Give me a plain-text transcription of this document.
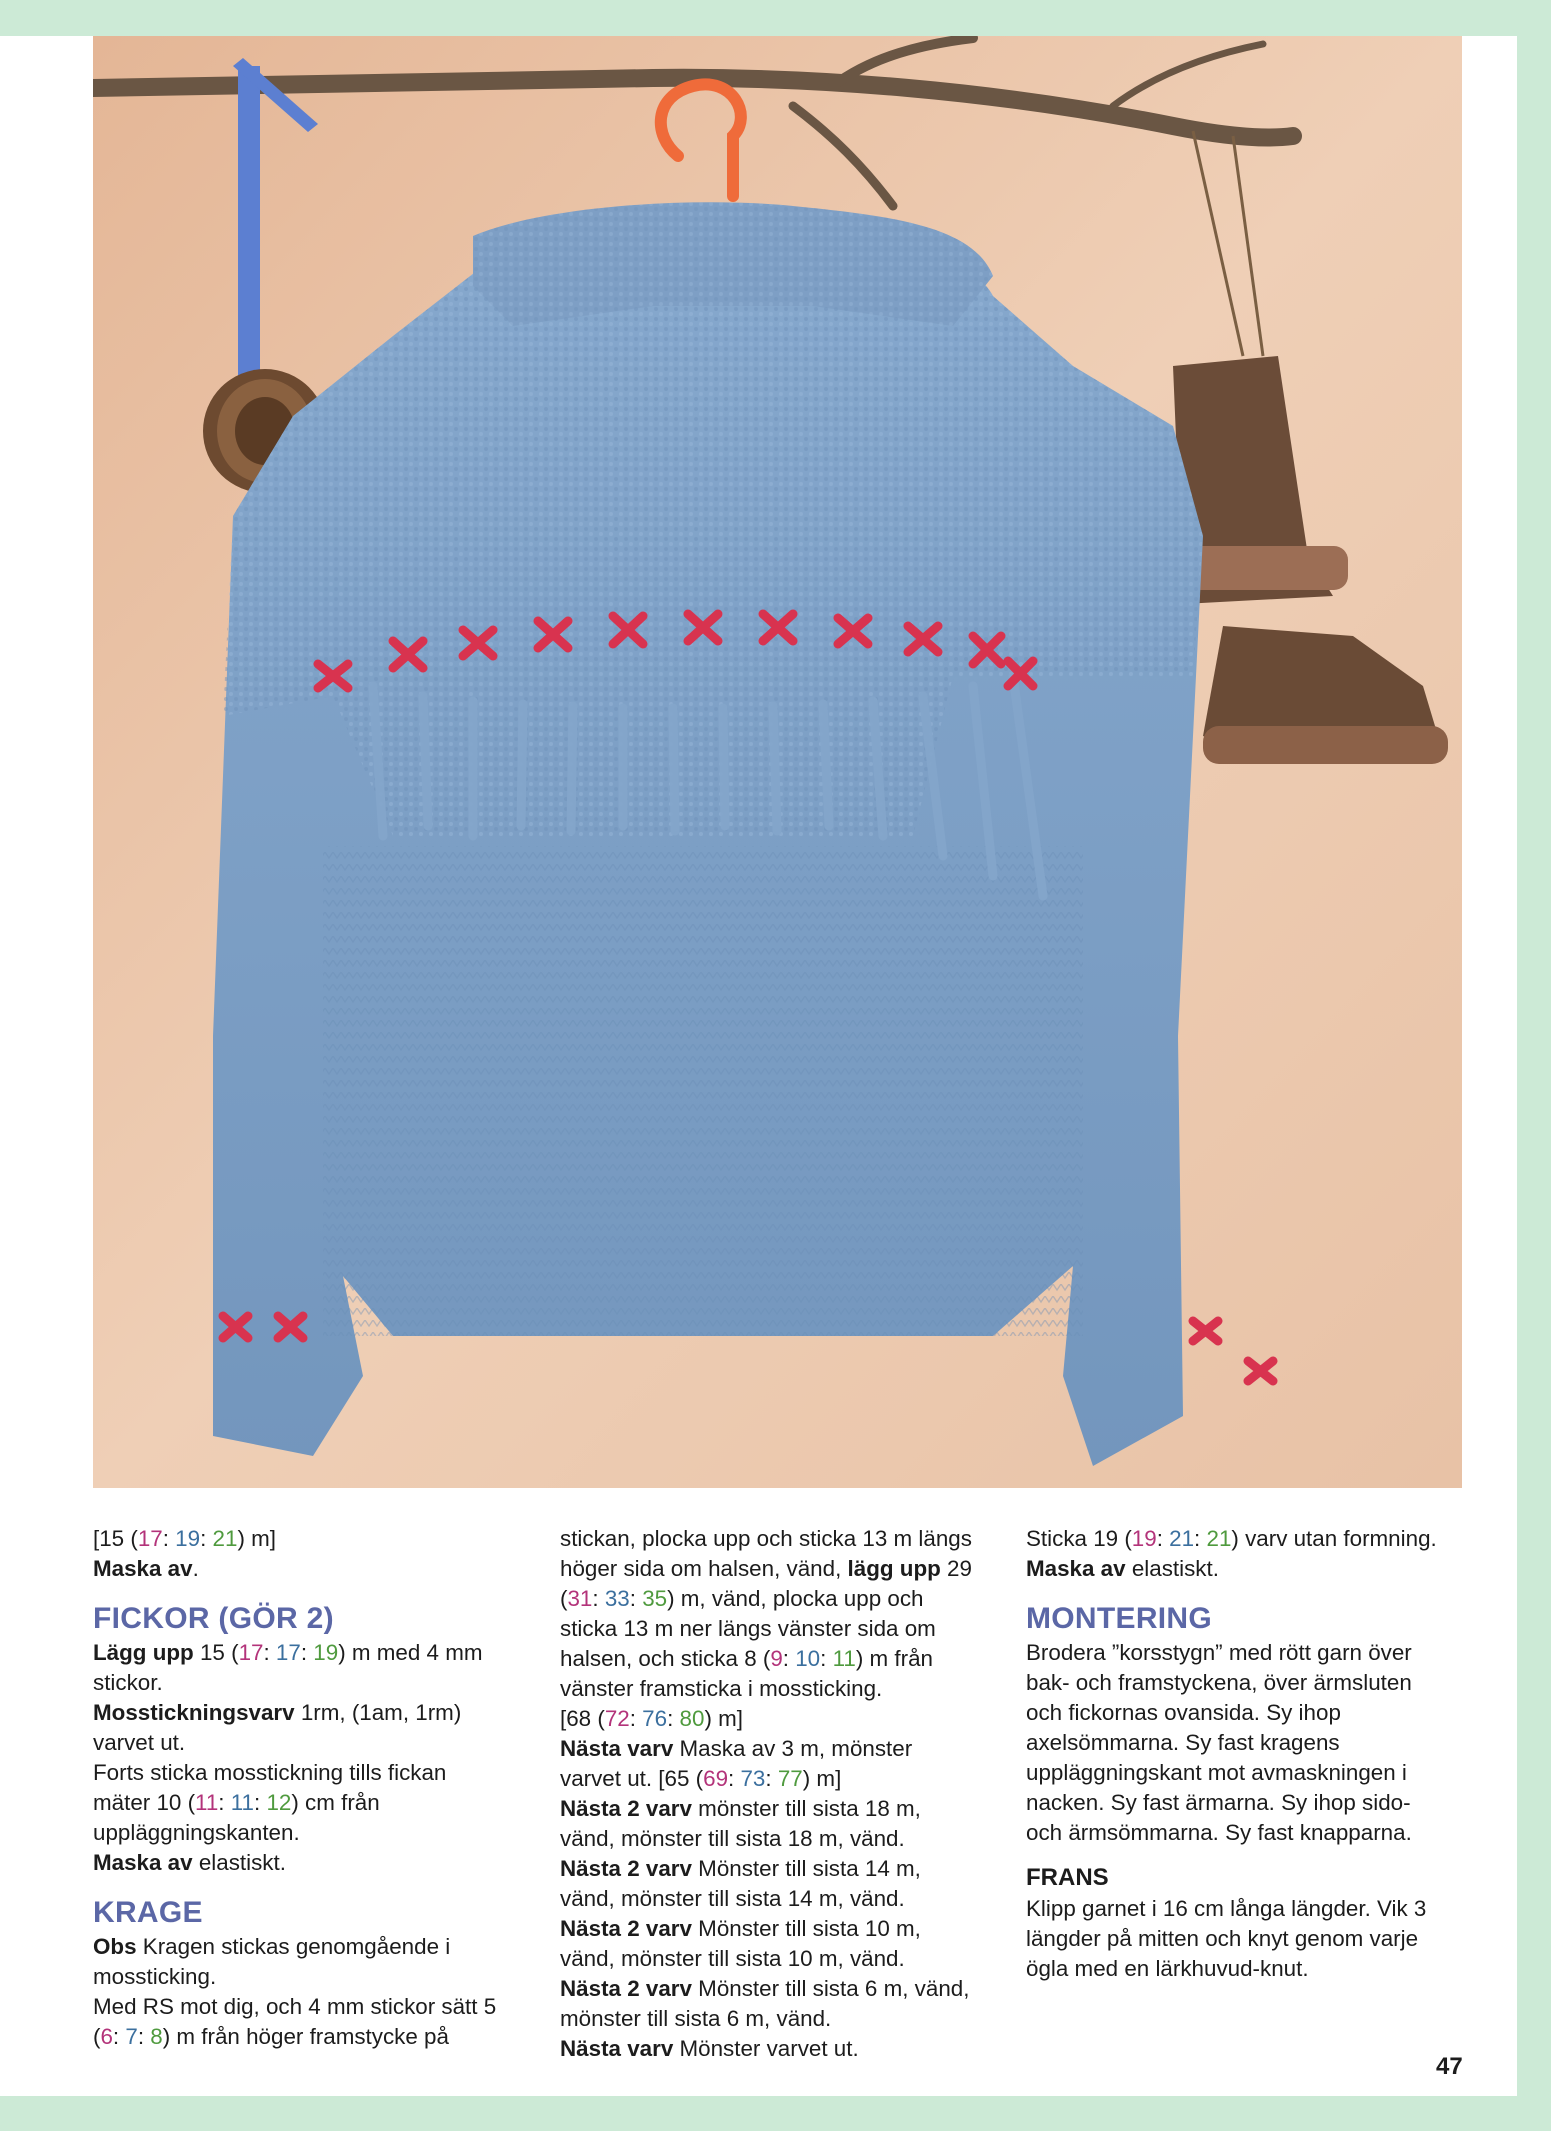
[15 (17: 19: 21) m]

Maska av.

FICKOR (GÖR 2)

Lägg upp 15 (17: 17: 19) m med 4 mm

stickor.

Mosstickningsvarv 1rm, (1am, 1rm)

varvet ut.

Forts sticka mosstickning tills fickan

mäter 10 (11: 11: 12) cm från

uppläggningskanten.

Maska av elastiskt.

KRAGE

Obs Kragen stickas genomgående i

mossticking.

Med RS mot dig, och 4 mm stickor sätt 5

(6: 7: 8) m från höger framstycke på

stickan, plocka upp och sticka 13 m längs

höger sida om halsen, vänd, lägg upp 29

(31: 33: 35) m, vänd, plocka upp och

sticka 13 m ner längs vänster sida om

halsen, och sticka 8 (9: 10: 11) m från

vänster framsticka i mossticking.

[68 (72: 76: 80) m]

Nästa varv Maska av 3 m, mönster

varvet ut. [65 (69: 73: 77) m]

Nästa 2 varv mönster till sista 18 m,

vänd, mönster till sista 18 m, vänd.

Nästa 2 varv Mönster till sista 14 m,

vänd, mönster till sista 14 m, vänd.

Nästa 2 varv Mönster till sista 10 m,

vänd, mönster till sista 10 m, vänd.

Nästa 2 varv Mönster till sista 6 m, vänd,

mönster till sista 6 m, vänd.

Nästa varv Mönster varvet ut.

Sticka 19 (19: 21: 21) varv utan formning.

Maska av elastiskt.

MONTERING

Brodera ”korsstygn” med rött garn över

bak- och framstyckena, över ärmsluten

och fickornas ovansida. Sy ihop

axelsömmarna. Sy fast kragens

uppläggningskant mot avmaskningen i

nacken. Sy fast ärmarna. Sy ihop sido-

och ärmsömmarna. Sy fast knapparna.

FRANS

Klipp garnet i 16 cm långa längder. Vik 3

längder på mitten och knyt genom varje

ögla med en lärkhuvud-knut.

47
